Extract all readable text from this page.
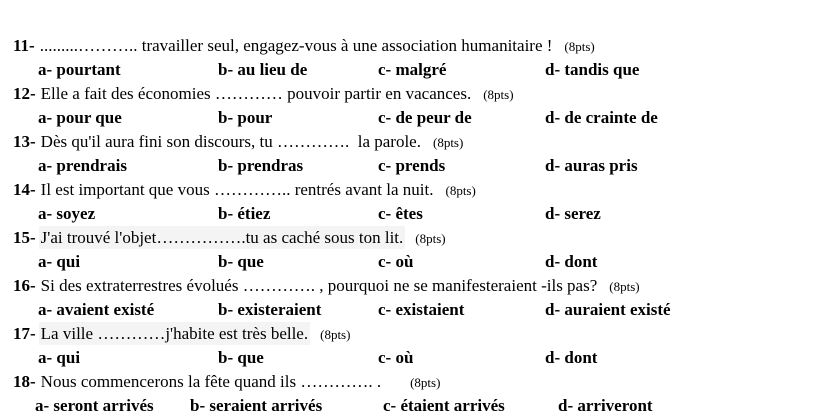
11- .........……….. travailler seul, engagez-vous à une association humanitaire ! (8pts)
a- pourtant	b- au lieu de	c- malgré	d- tandis que
12- Elle a fait des économies ………… pouvoir partir en vacances. (8pts)
a- pour que	b- pour	c- de peur de	d- de crainte de
13- Dès qu'il aura fini son discours, tu ………….  la parole. (8pts)
a- prendrais	b- prendras	c- prends	d- auras pris
14- Il est important que vous ………….. rentrés avant la nuit. (8pts)
a- soyez	b- étiez	c- êtes	d- serez
15- J'ai trouvé l'objet…………….tu as caché sous ton lit. (8pts)
a- qui	b- que	c- où	d- dont
16- Si des extraterrestres évolués …………. , pourquoi ne se manifesteraient -ils pas? (8pts)
a- avaient existé	b- existeraient	c- existaient	d- auraient existé
17- La ville …………j'habite est très belle. (8pts)
a- qui	b- que	c- où	d- dont
18- Nous commencerons la fête quand ils …………. .    (8pts)
a- seront arrivés	b- seraient arrivés	c- étaient arrivés	d- arriveront
